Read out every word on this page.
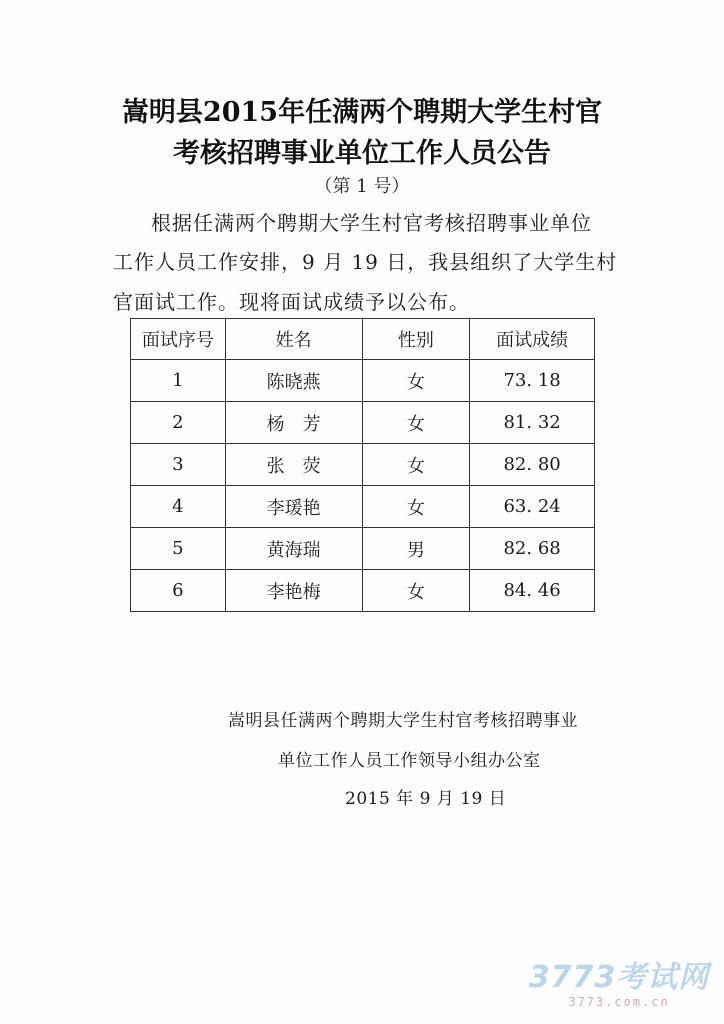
嵩明县2015年任满两个聘期大学生村官
考核招聘事业单位工作人员公告
（第 1 号）
根据任满两个聘期大学生村官考核招聘事业单位
工作人员工作安排，9 月 19 日，我县组织了大学生村
官面试工作。现将面试成绩予以公布。
面试序号	姓名	性别	面试成绩
1	陈晓燕	女	73. 18
2	杨　芳	女	81. 32
3	张　荧	女	82. 80
4	李瑗艳	女	63. 24
5	黄海瑞	男	82. 68
6	李艳梅	女	84. 46
嵩明县任满两个聘期大学生村官考核招聘事业
单位工作人员工作领导小组办公室
2015 年 9 月 19 日
3773考试网
3773.com.cn
